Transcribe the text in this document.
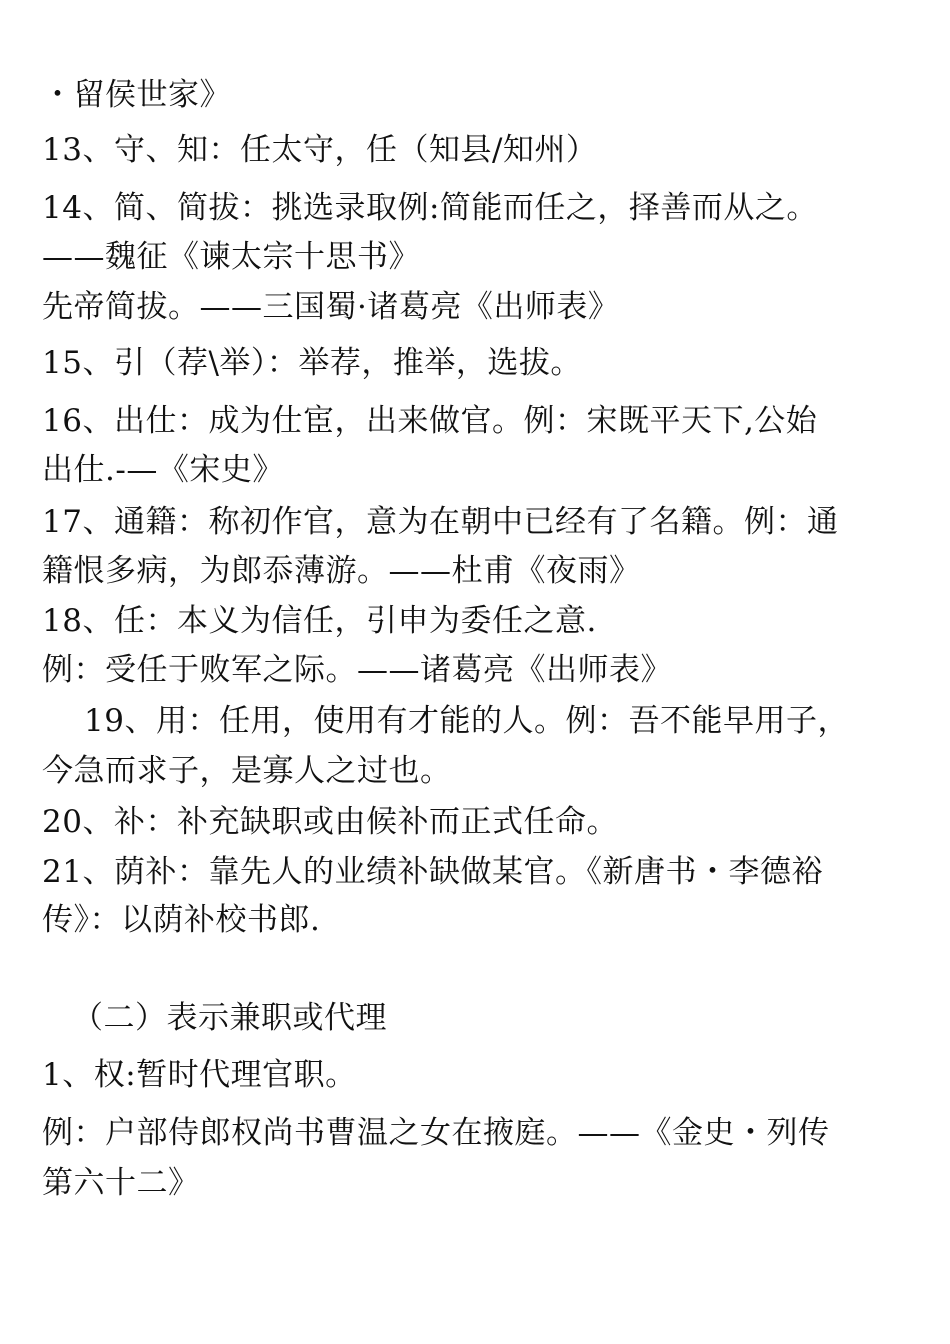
・留侯世家》
13、守、知：任太守，任（知县/知州）
14、简、简拔：挑选录取例:简能而任之，择善而从之。
——魏征《谏太宗十思书》
先帝简拔。——三国蜀·诸葛亮《出师表》
15、引（荐\举）：举荐，推举，选拔。
16、出仕：成为仕宦，出来做官。例：宋既平天下,公始
出仕.-—《宋史》
17、通籍：称初作官，意为在朝中已经有了名籍。例：通
籍恨多病，为郎忝薄游。——杜甫《夜雨》
18、任：本义为信任，引申为委任之意.
例：受任于败军之际。——诸葛亮《出师表》
19、用：任用，使用有才能的人。例：吾不能早用子，
今急而求子，是寡人之过也。
20、补：补充缺职或由候补而正式任命。
21、荫补：靠先人的业绩补缺做某官。《新唐书・李德裕
传》：以荫补校书郎.
（二）表示兼职或代理
1、权:暂时代理官职。
例：户部侍郎权尚书曹温之女在掖庭。——《金史・列传
第六十二》
